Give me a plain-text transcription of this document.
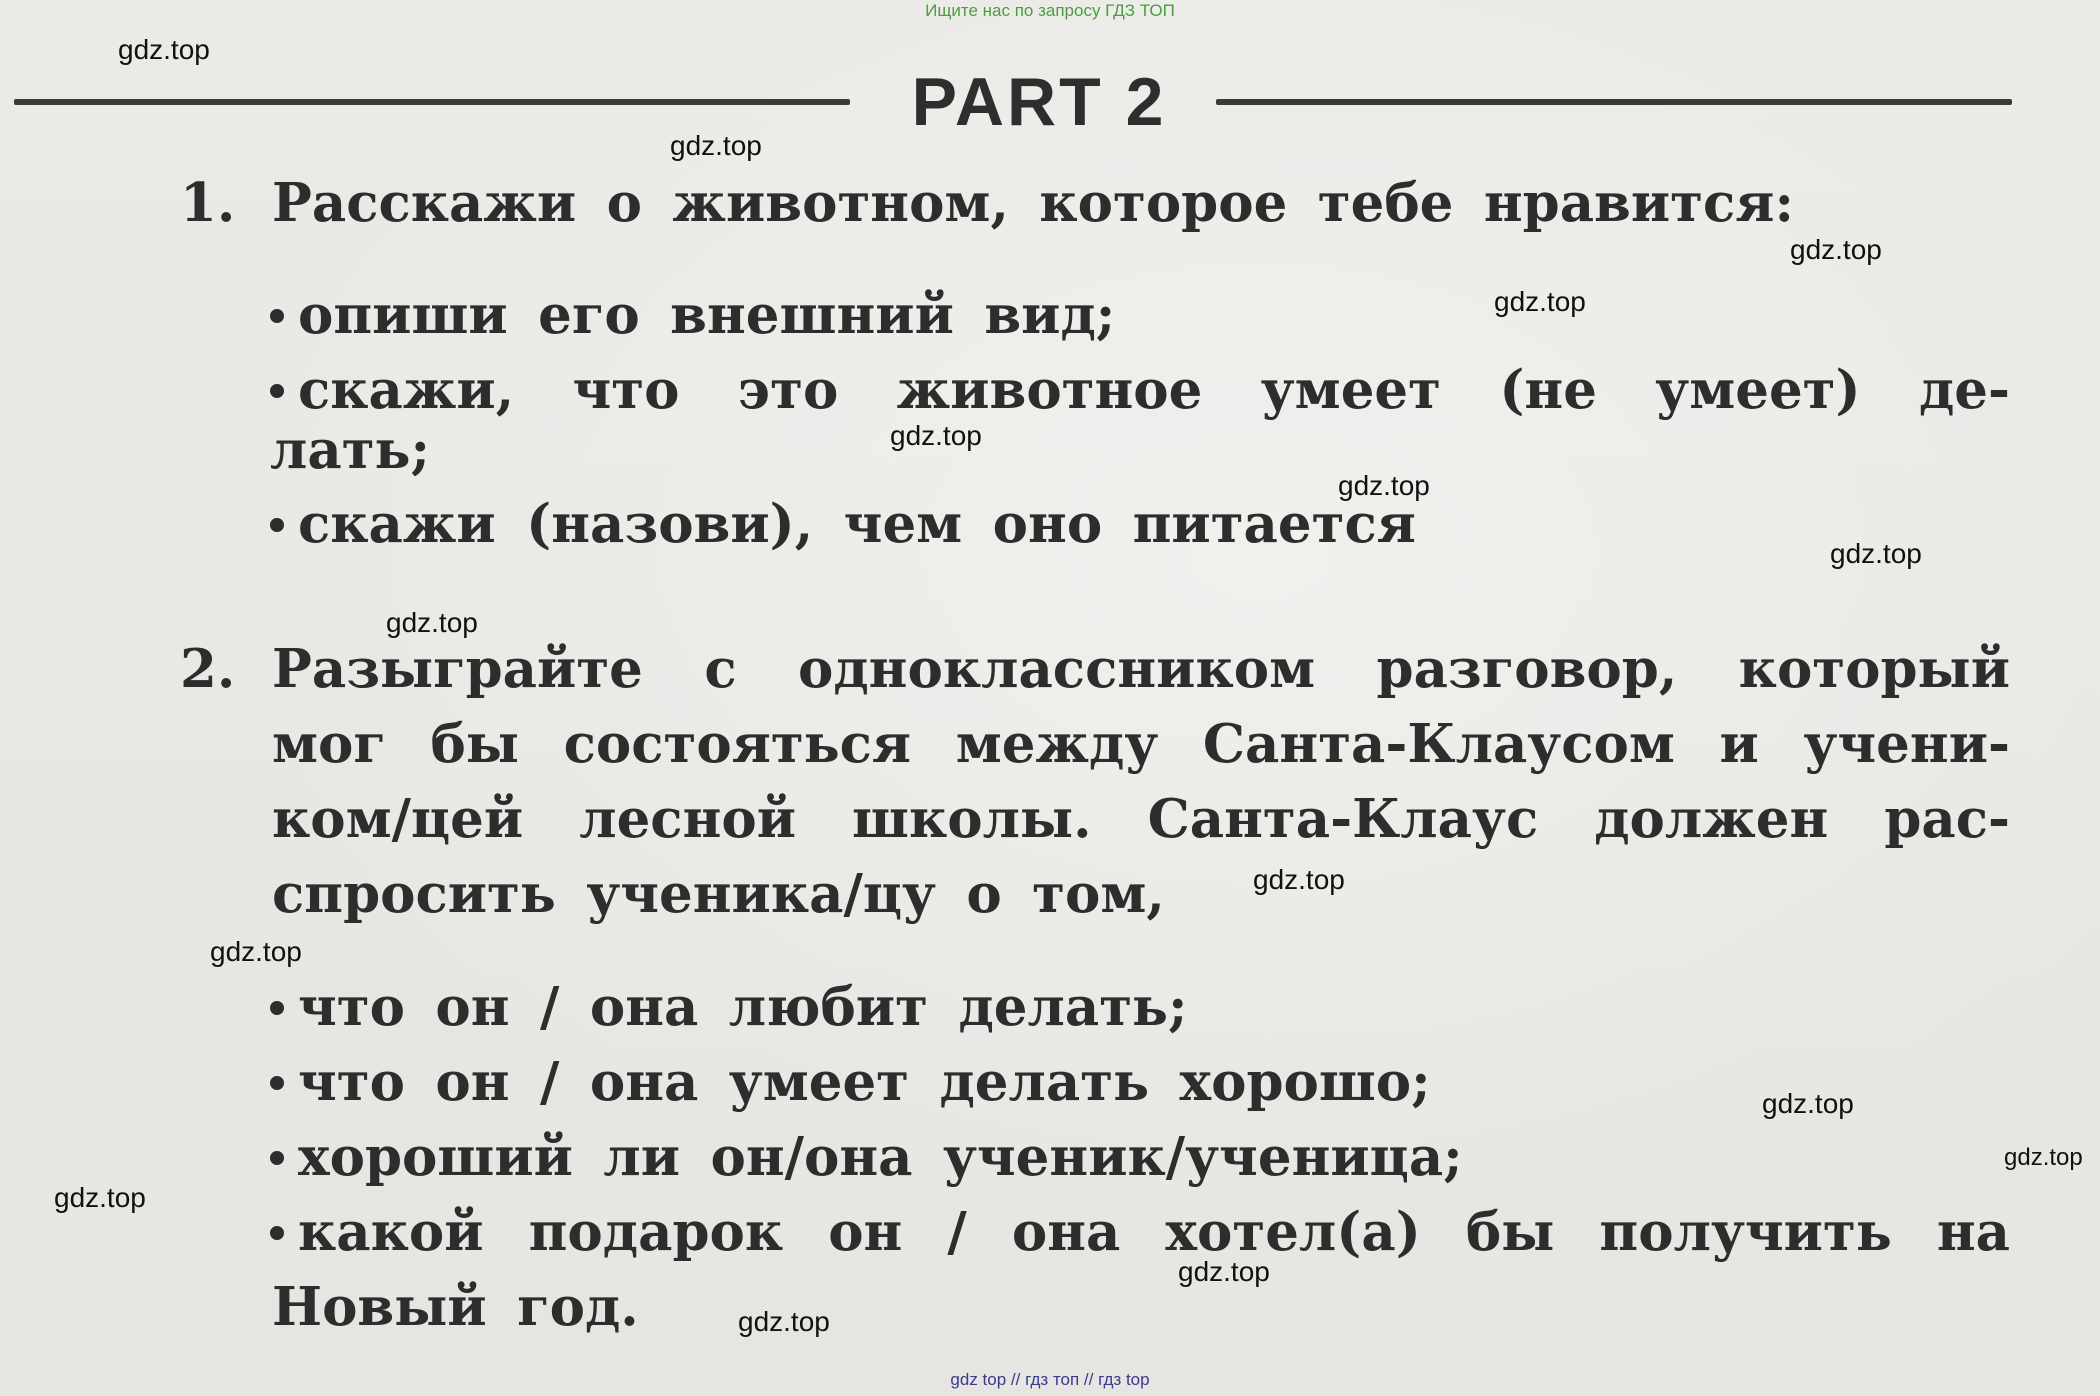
Ищите нас по запросу ГДЗ ТОП
PART 2
1. Расскажи о животном, которое тебе нравится:
опиши его внешний вид;
скажи, что это животное умеет (не умеет) де-
лать;
скажи (назови), чем оно питается
2. Разыграйте с одноклассником разговор, который
мог бы состояться между Санта-Клаусом и учени-
ком/цей лесной школы. Санта-Клаус должен рас-
спросить ученика/цу о том,
что он / она любит делать;
что он / она умеет делать хорошо;
хороший ли он/она ученик/ученица;
какой подарок он / она хотел(а) бы получить на
Новый год.
gdz.top
gdz.top
gdz.top
gdz.top
gdz.top
gdz.top
gdz.top
gdz.top
gdz.top
gdz.top
gdz.top
gdz.top
gdz.top
gdz.top
gdz.top
gdz top // гдз топ // гдз top
